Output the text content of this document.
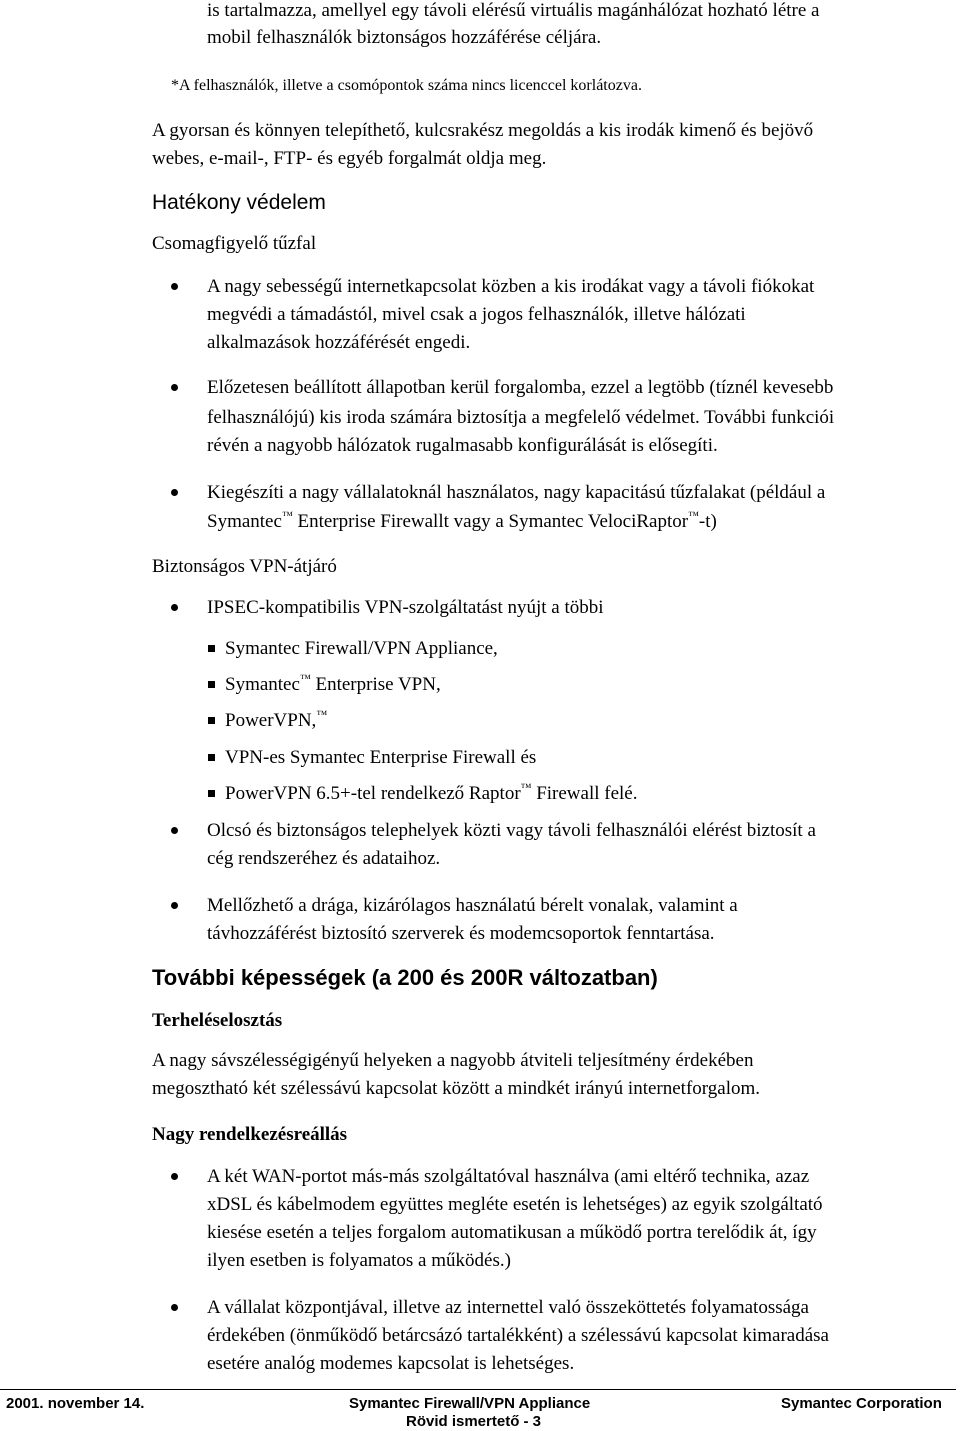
is tartalmazza, amellyel egy távoli elérésű virtuális magánhálózat hozható létre a
mobil felhasználók biztonságos hozzáférése céljára.
*A felhasználók, illetve a csomópontok száma nincs licenccel korlátozva.
A gyorsan és könnyen telepíthető, kulcsrakész megoldás a kis irodák kimenő és bejövő
webes, e-mail-, FTP- és egyéb forgalmát oldja meg.
Hatékony védelem
Csomagfigyelő tűzfal
A nagy sebességű internetkapcsolat közben a kis irodákat vagy a távoli fiókokat
megvédi a támadástól, mivel csak a jogos felhasználók, illetve hálózati
alkalmazások hozzáférését engedi.
Előzetesen beállított állapotban kerül forgalomba, ezzel a legtöbb (tíznél kevesebb
felhasználójú) kis iroda számára biztosítja a megfelelő védelmet. További funkciói
révén a nagyobb hálózatok rugalmasabb konfigurálását is elősegíti.
Kiegészíti a nagy vállalatoknál használatos, nagy kapacitású tűzfalakat (például a
Symantec™ Enterprise Firewallt vagy a Symantec VelociRaptor™-t)
Biztonságos VPN-átjáró
IPSEC-kompatibilis VPN-szolgáltatást nyújt a többi
Symantec Firewall/VPN Appliance,
Symantec™ Enterprise VPN,
PowerVPN,™
VPN-es Symantec Enterprise Firewall és
PowerVPN 6.5+-tel rendelkező Raptor™ Firewall felé.
Olcsó és biztonságos telephelyek közti vagy távoli felhasználói elérést biztosít a
cég rendszeréhez és adataihoz.
Mellőzhető a drága, kizárólagos használatú bérelt vonalak, valamint a
távhozzáférést biztosító szerverek és modemcsoportok fenntartása.
További képességek (a 200 és 200R változatban)
Terheléselosztás
A nagy sávszélességigényű helyeken a nagyobb átviteli teljesítmény érdekében
megosztható két szélessávú kapcsolat között a mindkét irányú internetforgalom.
Nagy rendelkezésreállás
A két WAN-portot más-más szolgáltatóval használva (ami eltérő technika, azaz
xDSL és kábelmodem együttes megléte esetén is lehetséges) az egyik szolgáltató
kiesése esetén a teljes forgalom automatikusan a működő portra terelődik át, így
ilyen esetben is folyamatos a működés.)
A vállalat központjával, illetve az internettel való összeköttetés folyamatossága
érdekében (önműködő betárcsázó tartalékként) a szélessávú kapcsolat kimaradása
esetére analóg modemes kapcsolat is lehetséges.
2001. november 14.	Symantec Firewall/VPN Appliance	Symantec Corporation
Rövid ismertető - 3
